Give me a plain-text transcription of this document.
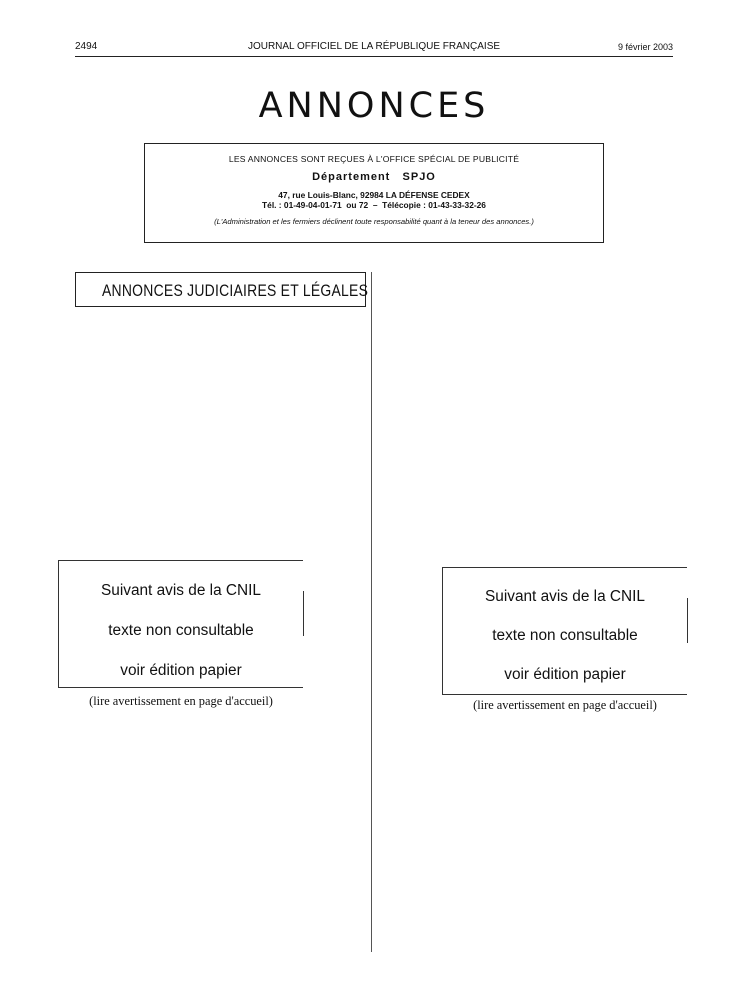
2494	JOURNAL OFFICIEL DE LA RÉPUBLIQUE FRANÇAISE	9 février 2003
ANNONCES
LES ANNONCES SONT REÇUES À L'OFFICE SPÉCIAL DE PUBLICITÉ
Département   SPJO
47, rue Louis-Blanc, 92984 LA DÉFENSE CEDEX
Tél. : 01-49-04-01-71  ou 72  –  Télécopie : 01-43-33-32-26
(L'Administration et les fermiers déclinent toute responsabilité quant à la teneur des annonces.)
ANNONCES JUDICIAIRES ET LÉGALES
Suivant avis de la CNIL
texte non consultable
voir édition papier
(lire avertissement en page d'accueil)
Suivant avis de la CNIL
texte non consultable
voir édition papier
(lire avertissement en page d'accueil)
